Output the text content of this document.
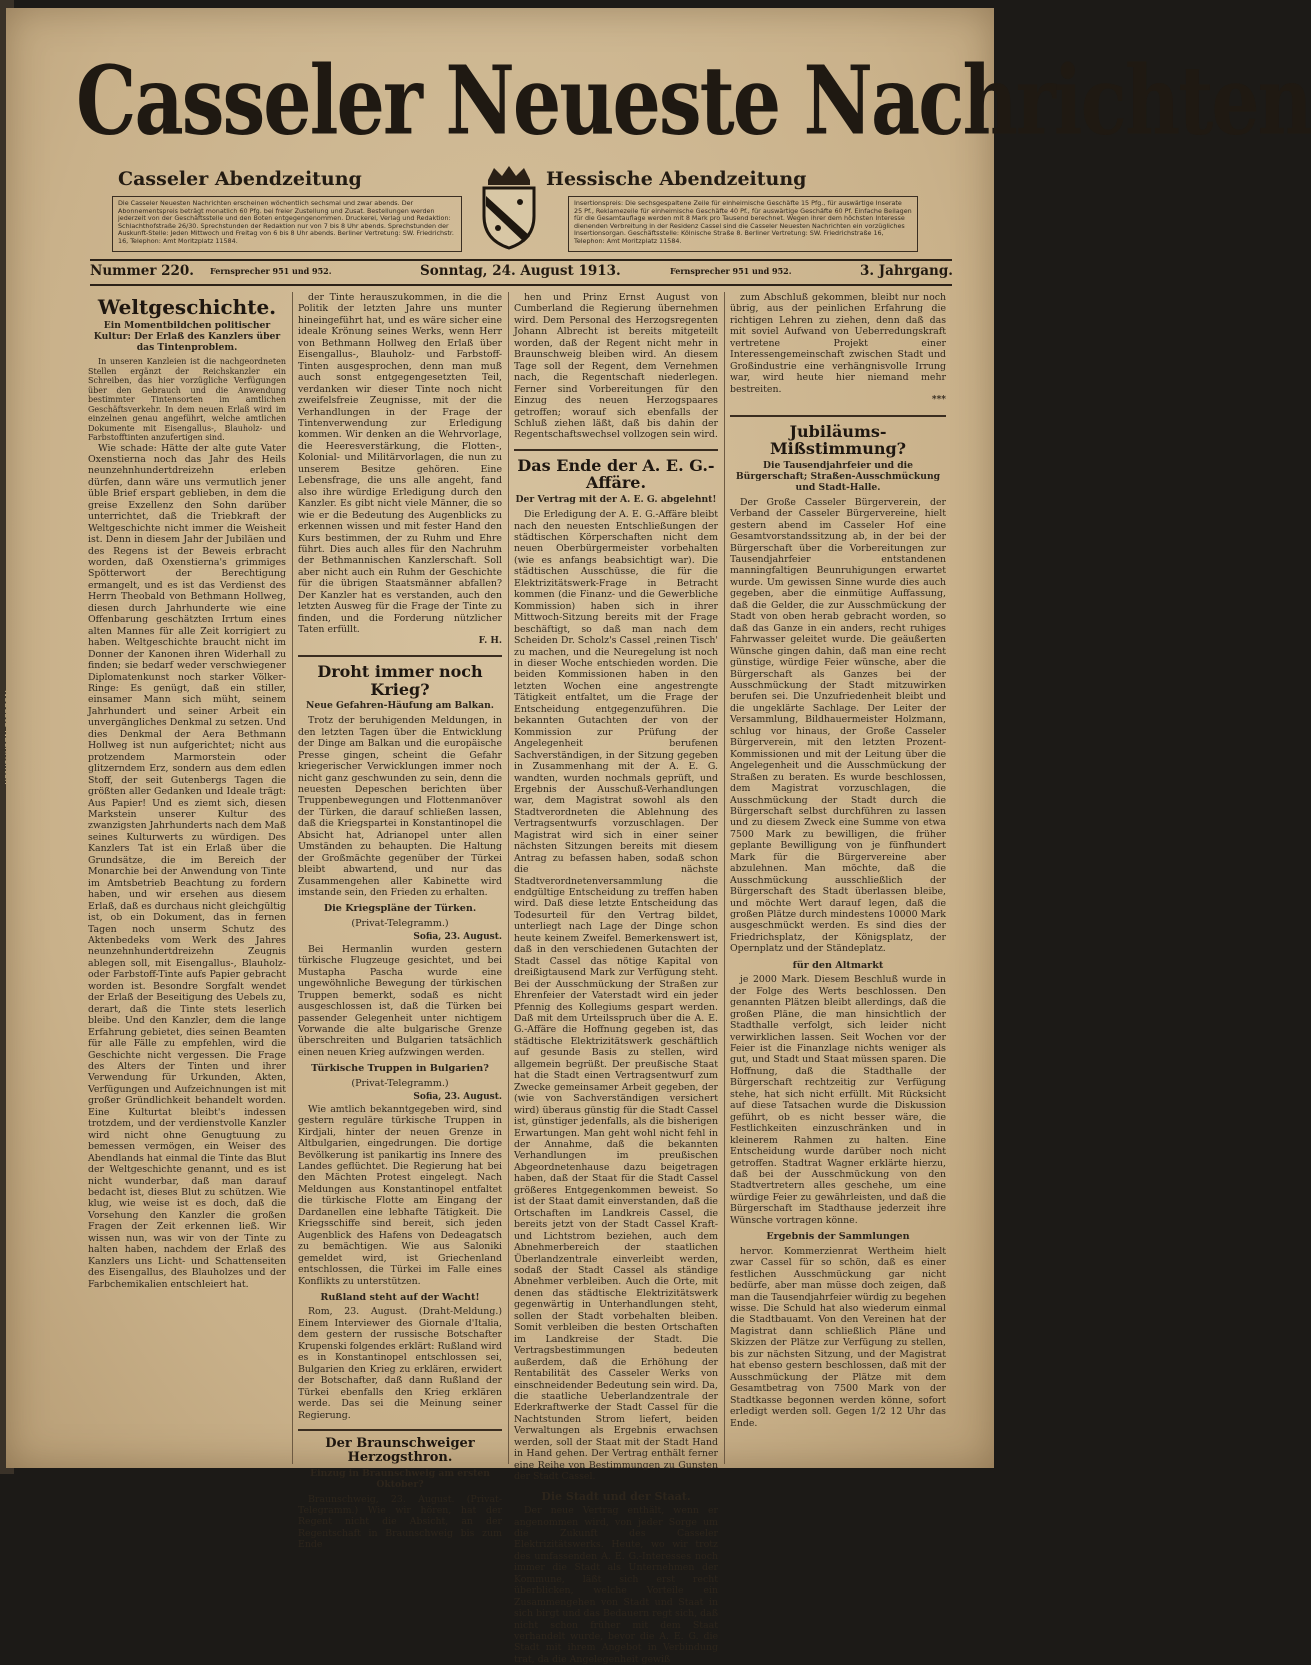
Casseler Neueste Nachrichten
Casseler Abendzeitung	Hessische Abendzeitung
Die Casseler Neuesten Nachrichten erscheinen wöchentlich sechsmal und zwar abends. Der Abonnementspreis beträgt monatlich 60 Pfg. bei freier Zustellung und Zusat. Bestellungen werden jederzeit von der Geschäftsstelle und den Boten entgegengenommen. Druckerei, Verlag und Redaktion: Schlachthofstraße 26/30. Sprechstunden der Redaktion nur von 7 bis 8 Uhr abends. Sprechstunden der Auskunft-Stelle: Jeden Mittwoch und Freitag von 6 bis 8 Uhr abends. Berliner Vertretung: SW. Friedrichstr. 16, Telephon: Amt Moritzplatz 11584.
Insertionspreis: Die sechsgespaltene Zeile für einheimische Geschäfte 15 Pfg., für auswärtige Inserate 25 Pf., Reklamezeile für einheimische Geschäfte 40 Pf., für auswärtige Geschäfte 60 Pf. Einfache Beilagen für die Gesamtauflage werden mit 8 Mark pro Tausend berechnet. Wegen ihrer dem höchsten Interesse dienenden Verbreitung in der Residenz Cassel sind die Casseler Neuesten Nachrichten ein vorzügliches Insertionsorgan. Geschäftsstelle: Kölnische Straße 8. Berliner Vertretung: SW. Friedrichstraße 16, Telephon: Amt Moritzplatz 11584.
Nummer 220. Fernsprecher 951 und 952.	Sonntag, 24. August 1913.	Fernsprecher 951 und 952.	3. Jahrgang.
Weltgeschichte.
Ein Momentbildchen politischer Kultur: Der Erlaß des Kanzlers über das Tintenproblem.

In unseren Kanzleien ist die nachgeordneten Stellen ergänzt der Reichskanzler ein Schreiben, das hier vorzügliche Verfügungen über den Gebrauch und die Anwendung bestimmter Tintensorten im amtlichen Geschäftsverkehr. In dem neuen Erlaß wird im einzelnen genau angeführt, welche amtlichen Dokumente mit Eisengallus-, Blauholz- und Farbstofftinten anzufertigen sind.

Wie schade: Hätte der alte gute Vater Oxenstierna noch das Jahr des Heils neunzehnhundertdreizehn erleben dürfen, dann wäre uns vermutlich jener üble Brief erspart geblieben, in dem die greise Exzellenz den Sohn darüber unterrichtet, daß die Triebkraft der Weltgeschichte nicht immer die Weisheit ist. Denn in diesem Jahr der Jubiläen und des Regens ist der Beweis erbracht worden, daß Oxenstierna's grimmiges Spötterwort der Berechtigung ermangelt, und es ist das Verdienst des Herrn Theobald von Bethmann Hollweg, diesen durch Jahrhunderte wie eine Offenbarung geschätzten Irrtum eines alten Mannes für alle Zeit korrigiert zu haben. Weltgeschichte braucht nicht im Donner der Kanonen ihren Widerhall zu finden; sie bedarf weder verschwiegener Diplomatenkunst noch starker Völker-Ringe: Es genügt, daß ein stiller, einsamer Mann sich müht, seinem Jahrhundert und seiner Arbeit ein unvergängliches Denkmal zu setzen. Und dies Denkmal der Aera Bethmann Hollweg ist nun aufgerichtet; nicht aus protzendem Marmorstein oder glitzerndem Erz, sondern aus dem edlen Stoff, der seit Gutenbergs Tagen die größten aller Gedanken und Ideale trägt: Aus Papier! Und es ziemt sich, diesen Markstein unserer Kultur des zwanzigsten Jahrhunderts nach dem Maß seines Kulturwerts zu würdigen. Des Kanzlers Tat ist ein Erlaß über die Grundsätze, die im Bereich der Monarchie bei der Anwendung von Tinte im Amtsbetrieb Beachtung zu fordern haben, und wir ersehen aus diesem Erlaß, daß es durchaus nicht gleichgültig ist, ob ein Dokument, das in fernen Tagen noch unserm Schutz des Aktenbedeks vom Werk des Jahres neunzehnhundertdreizehn Zeugnis ablegen soll, mit Eisengallus-, Blauholz- oder Farbstoff-Tinte aufs Papier gebracht worden ist. Besondre Sorgfalt wendet der Erlaß der Beseitigung des Uebels zu, derart, daß die Tinte stets leserlich bleibe. Und den Kanzler, dem die lange Erfahrung gebietet, dies seinen Beamten für alle Fälle zu empfehlen, wird die Geschichte nicht vergessen. Die Frage des Alters der Tinten und ihrer Verwendung für Urkunden, Akten, Verfügungen und Aufzeichnungen ist mit großer Gründlichkeit behandelt worden. Eine Kulturtat bleibt's indessen trotzdem, und der verdienstvolle Kanzler wird nicht ohne Genugtuung zu bemessen vermögen, ein Weiser des Abendlands hat einmal die Tinte das Blut der Weltgeschichte genannt, und es ist nicht wunderbar, daß man darauf bedacht ist, dieses Blut zu schützen. Wie klug, wie weise ist es doch, daß die Vorsehung den Kanzler die großen Fragen der Zeit erkennen ließ. Wir wissen nun, was wir von der Tinte zu halten haben, nachdem der Erlaß des Kanzlers uns Licht- und Schattenseiten des Eisengallus, des Blauholzes und der Farbchemikalien entschleiert hat.

der Tinte herauszukommen, in die die Politik der letzten Jahre uns munter hineingeführt hat, und es wäre sicher eine ideale Krönung seines Werks, wenn Herr von Bethmann Hollweg den Erlaß über Eisengallus-, Blauholz- und Farbstoff-Tinten ausgesprochen, denn man muß auch sonst entgegengesetzten Teil, verdanken wir dieser Tinte noch nicht zweifelsfreie Zeugnisse, mit der die Verhandlungen in der Frage der Tintenverwendung zur Erledigung kommen. Wir denken an die Wehrvorlage, die Heeresverstärkung, die Flotten-, Kolonial- und Militärvorlagen, die nun zu unserem Besitze gehören. Eine Lebensfrage, die uns alle angeht, fand also ihre würdige Erledigung durch den Kanzler. Es gibt nicht viele Männer, die so wie er die Bedeutung des Augenblicks zu erkennen wissen und mit fester Hand den Kurs bestimmen, der zu Ruhm und Ehre führt. Dies auch alles für den Nachruhm der Bethmannischen Kanzlerschaft. Soll aber nicht auch ein Ruhm der Geschichte für die übrigen Staatsmänner abfallen? Der Kanzler hat es verstanden, auch den letzten Ausweg für die Frage der Tinte zu finden, und die Forderung nützlicher Taten erfüllt.

F. H.
Droht immer noch Krieg?
Neue Gefahren-Häufung am Balkan.

Trotz der beruhigenden Meldungen, in den letzten Tagen über die Entwicklung der Dinge am Balkan und die europäische Presse gingen, scheint die Gefahr kriegerischer Verwicklungen immer noch nicht ganz geschwunden zu sein, denn die neuesten Depeschen berichten über Truppenbewegungen und Flottenmanöver der Türken, die darauf schließen lassen, daß die Kriegspartei in Konstantinopel die Absicht hat, Adrianopel unter allen Umständen zu behaupten. Die Haltung der Großmächte gegenüber der Türkei bleibt abwartend, und nur das Zusammengehen aller Kabinette wird imstande sein, den Frieden zu erhalten.

Die Kriegspläne der Türken.
(Privat-Telegramm.)
Sofia, 23. August.

Bei Hermanlin wurden gestern türkische Flugzeuge gesichtet, und bei Mustapha Pascha wurde eine ungewöhnliche Bewegung der türkischen Truppen bemerkt, sodaß es nicht ausgeschlossen ist, daß die Türken bei passender Gelegenheit unter nichtigem Vorwande die alte bulgarische Grenze überschreiten und Bulgarien tatsächlich einen neuen Krieg aufzwingen werden.

Türkische Truppen in Bulgarien?
(Privat-Telegramm.)
Sofia, 23. August.

Wie amtlich bekanntgegeben wird, sind gestern reguläre türkische Truppen in Kirdjali, hinter der neuen Grenze in Altbulgarien, eingedrungen. Die dortige Bevölkerung ist panikartig ins Innere des Landes geflüchtet. Die Regierung hat bei den Mächten Protest eingelegt. Nach Meldungen aus Konstantinopel entfaltet die türkische Flotte am Eingang der Dardanellen eine lebhafte Tätigkeit. Die Kriegsschiffe sind bereit, sich jeden Augenblick des Hafens von Dedeagatsch zu bemächtigen. Wie aus Saloniki gemeldet wird, ist Griechenland entschlossen, die Türkei im Falle eines Konflikts zu unterstützen.

Rußland steht auf der Wacht!

Rom, 23. August. (Draht-Meldung.) Einem Interviewer des Giornale d'Italia, dem gestern der russische Botschafter Krupenski folgendes erklärt: Rußland wird es in Konstantinopel entschlossen sei, Bulgarien den Krieg zu erklären, erwidert der Botschafter, daß dann Rußland der Türkei ebenfalls den Krieg erklären werde. Das sei die Meinung seiner Regierung.

Der Braunschweiger Herzogsthron.
Einzug in Braunschweig am ersten Oktober?

Braunschweig, 23. August. (Privat-Telegramm.) Wie wir hören, hat der Regent nicht die Absicht, an der Regentschaft in Braunschweig bis zum Ende

hen und Prinz Ernst August von Cumberland die Regierung übernehmen wird. Dem Personal des Herzogsregenten Johann Albrecht ist bereits mitgeteilt worden, daß der Regent nicht mehr in Braunschweig bleiben wird. An diesem Tage soll der Regent, dem Vernehmen nach, die Regentschaft niederlegen. Ferner sind Vorbereitungen für den Einzug des neuen Herzogspaares getroffen; worauf sich ebenfalls der Schluß ziehen läßt, daß bis dahin der Regentschaftswechsel vollzogen sein wird.

Das Ende der A. E. G.-Affäre.
Der Vertrag mit der A. E. G. abgelehnt!

Die Erledigung der A. E. G.-Affäre bleibt nach den neuesten Entschließungen der städtischen Körperschaften nicht dem neuen Oberbürgermeister vorbehalten (wie es anfangs beabsichtigt war). Die städtischen Ausschüsse, die für die Elektrizitätswerk-Frage in Betracht kommen (die Finanz- und die Gewerbliche Kommission) haben sich in ihrer Mittwoch-Sitzung bereits mit der Frage beschäftigt, so daß man nach dem Scheiden Dr. Scholz's Cassel ‚reinen Tisch' zu machen, und die Neuregelung ist noch in dieser Woche entschieden worden. Die beiden Kommissionen haben in den letzten Wochen eine angestrengte Tätigkeit entfaltet, um die Frage der Entscheidung entgegenzuführen. Die bekannten Gutachten der von der Kommission zur Prüfung der Angelegenheit berufenen Sachverständigen, in der Sitzung gegeben in Zusammenhang mit der A. E. G. wandten, wurden nochmals geprüft, und Ergebnis der Ausschuß-Verhandlungen war, dem Magistrat sowohl als den Stadtverordneten die Ablehnung des Vertragsentwurfs vorzuschlagen. Der Magistrat wird sich in einer seiner nächsten Sitzungen bereits mit diesem Antrag zu befassen haben, sodaß schon die nächste Stadtverordnetenversammlung die endgültige Entscheidung zu treffen haben wird. Daß diese letzte Entscheidung das Todesurteil für den Vertrag bildet, unterliegt nach Lage der Dinge schon heute keinem Zweifel. Bemerkenswert ist, daß in den verschiedenen Gutachten der Stadt Cassel das nötige Kapital von dreißigtausend Mark zur Verfügung steht. Bei der Ausschmückung der Straßen zur Ehrenfeier der Vaterstadt wird ein jeder Pfennig des Kollegiums gespart werden. Daß mit dem Urteilsspruch über die A. E. G.-Affäre die Hoffnung gegeben ist, das städtische Elektrizitätswerk geschäftlich auf gesunde Basis zu stellen, wird allgemein begrüßt. Der preußische Staat hat die Stadt einen Vertragsentwurf zum Zwecke gemeinsamer Arbeit gegeben, der (wie von Sachverständigen versichert wird) überaus günstig für die Stadt Cassel ist, günstiger jedenfalls, als die bisherigen Erwartungen. Man geht wohl nicht fehl in der Annahme, daß die bekannten Verhandlungen im preußischen Abgeordnetenhause dazu beigetragen haben, daß der Staat für die Stadt Cassel größeres Entgegenkommen beweist. So ist der Staat damit einverstanden, daß die Ortschaften im Landkreis Cassel, die bereits jetzt von der Stadt Cassel Kraft- und Lichtstrom beziehen, auch dem Abnehmerbereich der staatlichen Überlandzentrale einverleibt werden, sodaß der Stadt Cassel als ständige Abnehmer verbleiben. Auch die Orte, mit denen das städtische Elektrizitätswerk gegenwärtig in Unterhandlungen steht, sollen der Stadt vorbehalten bleiben. Somit verbleiben die besten Ortschaften im Landkreise der Stadt. Die Vertragsbestimmungen bedeuten außerdem, daß die Erhöhung der Rentabilität des Casseler Werks von einschneidender Bedeutung sein wird. Da, die staatliche Ueberlandzentrale der Ederkraftwerke der Stadt Cassel für die Nachtstunden Strom liefert, beiden Verwaltungen als Ergebnis erwachsen werden, soll der Staat mit der Stadt Hand in Hand gehen. Der Vertrag enthält ferner eine Reihe von Bestimmungen zu Gunsten der Stadt Cassel.

Die Stadt und der Staat.

Der neue Vertrag enthält, wenn er angenommen wird, von jeder Sorge um die Zukunft des Casseler Elektrizitätswerks. Heute, wo wir trotz des umfassenden A. E. G.-Interesses noch immer die Stadt als Unternehmen der Kommune, läßt sich erst recht überblicken, welche Vorteile ein Zusammengehen von Stadt und Staat in sich birgt und das Bedauern regt sich, daß nicht schon früher mit dem Staat verhandelt wurde, bevor die A. E. G. die Stadt mit ihrem Angebot in Verbindung trat, da die Angelegenheit gewiß

zum Abschluß gekommen, bleibt nur noch übrig, aus der peinlichen Erfahrung die richtigen Lehren zu ziehen, denn daß das mit soviel Aufwand von Ueberredungskraft vertretene Projekt einer Interessengemeinschaft zwischen Stadt und Großindustrie eine verhängnisvolle Irrung war, wird heute hier niemand mehr bestreiten.

***
Jubiläums-Mißstimmung?
Die Tausendjahrfeier und die Bürgerschaft; Straßen-Ausschmückung und Stadt-Halle.

Der Große Casseler Bürgerverein, der Verband der Casseler Bürgervereine, hielt gestern abend im Casseler Hof eine Gesamtvorstandssitzung ab, in der bei der Bürgerschaft über die Vorbereitungen zur Tausendjahrfeier entstandenen manningfaltigen Beunruhigungen erwartet wurde. Um gewissen Sinne wurde dies auch gegeben, aber die einmütige Auffassung, daß die Gelder, die zur Ausschmückung der Stadt von oben herab gebracht worden, so daß das Ganze in ein anders, recht ruhiges Fahrwasser geleitet wurde. Die geäußerten Wünsche gingen dahin, daß man eine recht günstige, würdige Feier wünsche, aber die Bürgerschaft als Ganzes bei der Ausschmückung der Stadt mitzuwirken berufen sei. Die Unzufriedenheit bleibt und die ungeklärte Sachlage. Der Leiter der Versammlung, Bildhauermeister Holzmann, schlug vor hinaus, der Große Casseler Bürgerverein, mit den letzten Prozent-Kommissionen und mit der Leitung über die Angelegenheit und die Ausschmückung der Straßen zu beraten. Es wurde beschlossen, dem Magistrat vorzuschlagen, die Ausschmückung der Stadt durch die Bürgerschaft selbst durchführen zu lassen und zu diesem Zweck eine Summe von etwa 7500 Mark zu bewilligen, die früher geplante Bewilligung von je fünfhundert Mark für die Bürgervereine aber abzulehnen. Man möchte, daß die Ausschmückung ausschließlich der Bürgerschaft des Stadt überlassen bleibe, und möchte Wert darauf legen, daß die großen Plätze durch mindestens 10000 Mark ausgeschmückt werden. Es sind dies der Friedrichsplatz, der Königsplatz, der Opernplatz und der Ständeplatz.

für den Altmarkt

je 2000 Mark. Diesem Beschluß wurde in der Folge des Werts beschlossen. Den genannten Plätzen bleibt allerdings, daß die großen Pläne, die man hinsichtlich der Stadthalle verfolgt, sich leider nicht verwirklichen lassen. Seit Wochen vor der Feier ist die Finanzlage nichts weniger als gut, und Stadt und Staat müssen sparen. Die Hoffnung, daß die Stadthalle der Bürgerschaft rechtzeitig zur Verfügung stehe, hat sich nicht erfüllt. Mit Rücksicht auf diese Tatsachen wurde die Diskussion geführt, ob es nicht besser wäre, die Festlichkeiten einzuschränken und in kleinerem Rahmen zu halten. Eine Entscheidung wurde darüber noch nicht getroffen. Stadtrat Wagner erklärte hierzu, daß bei der Ausschmückung von den Stadtvertretern alles geschehe, um eine würdige Feier zu gewährleisten, und daß die Bürgerschaft im Stadthause jederzeit ihre Wünsche vortragen könne.

Ergebnis der Sammlungen

hervor. Kommerzienrat Wertheim hielt zwar Cassel für so schön, daß es einer festlichen Ausschmückung gar nicht bedürfe, aber man müsse doch zeigen, daß man die Tausendjahrfeier würdig zu begehen wisse. Die Schuld hat also wiederum einmal die Stadtbauamt. Von den Vereinen hat der Magistrat dann schließlich Pläne und Skizzen der Plätze zur Verfügung zu stellen, bis zur nächsten Sitzung, und der Magistrat hat ebenso gestern beschlossen, daß mit der Ausschmückung der Plätze mit dem Gesamtbetrag von 7500 Mark von der Stadtkasse begonnen werden könne, sofort erledigt werden soll. Gegen 1/2 12 Uhr das Ende.
